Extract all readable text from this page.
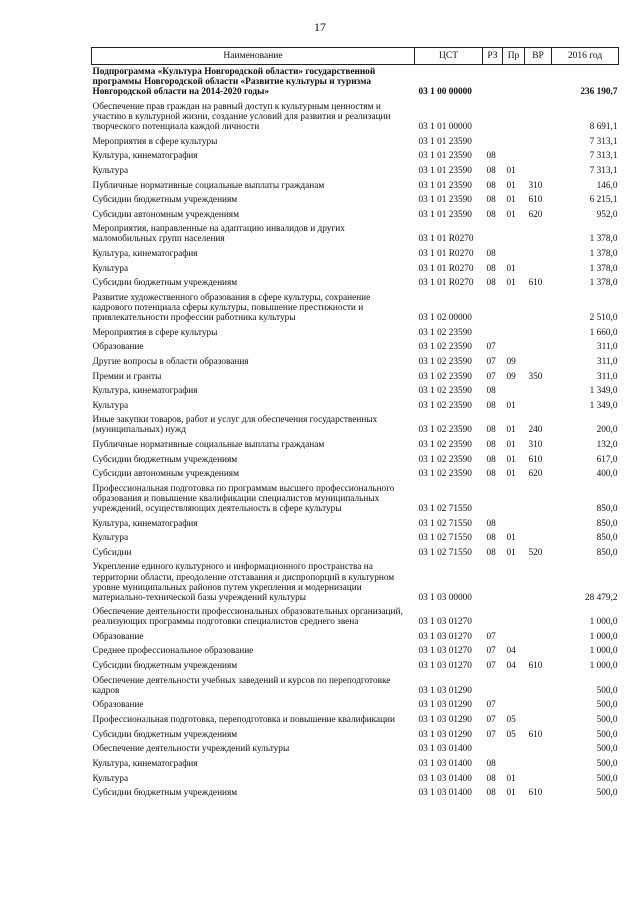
17
Наименование	ЦСТ	РЗ	Пр	ВР	2016 год
Подпрограмма «Культура Новгородской области» государственной программы Новгородской области «Развитие культуры и туризма Новгородской области на 2014-2020 годы»	03 1 00 00000				236 190,7
Обеспечение прав граждан на равный доступ к культурным ценностям и участию в культурной жизни, создание условий для развития и реализации творческого потенциала каждой личности	03 1 01 00000				8 691,1
Мероприятия в сфере культуры	03 1 01 23590				7 313,1
Культура, кинематография	03 1 01 23590	08			7 313,1
Культура	03 1 01 23590	08	01		7 313,1
Публичные нормативные социальные выплаты гражданам	03 1 01 23590	08	01	310	146,0
Субсидии бюджетным учреждениям	03 1 01 23590	08	01	610	6 215,1
Субсидии автономным учреждениям	03 1 01 23590	08	01	620	952,0
Мероприятия, направленные на адаптацию инвалидов и других маломобильных групп населения	03 1 01 R0270				1 378,0
Культура, кинематография	03 1 01 R0270	08			1 378,0
Культура	03 1 01 R0270	08	01		1 378,0
Субсидии бюджетным учреждениям	03 1 01 R0270	08	01	610	1 378,0
Развитие художественного образования в сфере культуры, сохранение кадрового потенциала сферы культуры, повышение престижности и привлекательности профессии работника культуры	03 1 02 00000				2 510,0
Мероприятия в сфере культуры	03 1 02 23590				1 660,0
Образование	03 1 02 23590	07			311,0
Другие вопросы в области образования	03 1 02 23590	07	09		311,0
Премии и гранты	03 1 02 23590	07	09	350	311,0
Культура, кинематография	03 1 02 23590	08			1 349,0
Культура	03 1 02 23590	08	01		1 349,0
Иные закупки товаров, работ и услуг для обеспечения государственных (муниципальных) нужд	03 1 02 23590	08	01	240	200,0
Публичные нормативные социальные выплаты гражданам	03 1 02 23590	08	01	310	132,0
Субсидии бюджетным учреждениям	03 1 02 23590	08	01	610	617,0
Субсидии автономным учреждениям	03 1 02 23590	08	01	620	400,0
Профессиональная подготовка по программам высшего профессионального образования и повышение квалификации специалистов муниципальных учреждений, осуществляющих деятельность в сфере культуры	03 1 02 71550				850,0
Культура, кинематография	03 1 02 71550	08			850,0
Культура	03 1 02 71550	08	01		850,0
Субсидии	03 1 02 71550	08	01	520	850,0
Укрепление единого культурного и информационного пространства на территории области, преодоление отставания и диспропорций в культурном уровне муниципальных районов путем укрепления и модернизации материально-технической базы учреждений культуры	03 1 03 00000				28 479,2
Обеспечение деятельности профессиональных образовательных организаций, реализующих программы подготовки специалистов среднего звена	03 1 03 01270				1 000,0
Образование	03 1 03 01270	07			1 000,0
Среднее профессиональное образование	03 1 03 01270	07	04		1 000,0
Субсидии бюджетным учреждениям	03 1 03 01270	07	04	610	1 000,0
Обеспечение деятельности учебных заведений и курсов по переподготовке кадров	03 1 03 01290				500,0
Образование	03 1 03 01290	07			500,0
Профессиональная подготовка, переподготовка и повышение квалификации	03 1 03 01290	07	05		500,0
Субсидии бюджетным учреждениям	03 1 03 01290	07	05	610	500,0
Обеспечение деятельности учреждений культуры	03 1 03 01400				500,0
Культура, кинематография	03 1 03 01400	08			500,0
Культура	03 1 03 01400	08	01		500,0
Субсидии бюджетным учреждениям	03 1 03 01400	08	01	610	500,0
